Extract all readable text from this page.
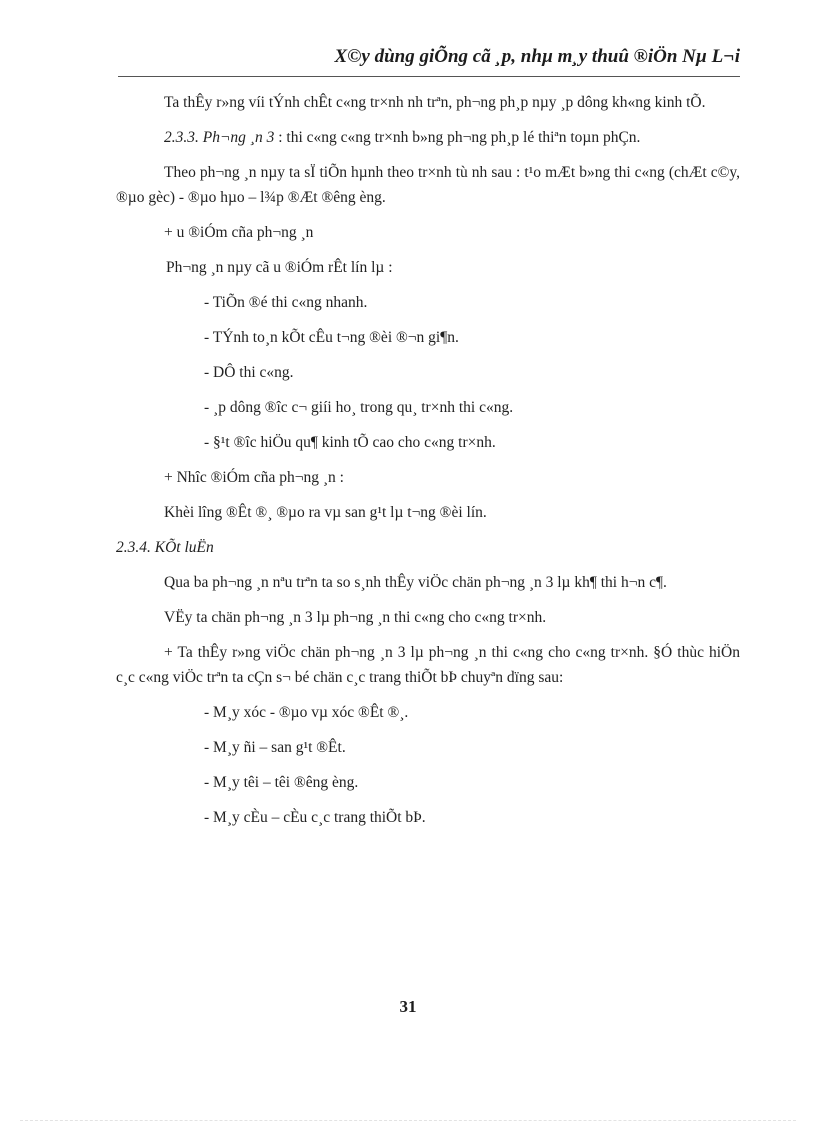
X©y dùng giÕng cã ¸p, nhµ m¸y thuû ®iÖn Nµ L¬i

Ta thÊy r»ng víi tÝnh chÊt c«ng tr×nh nh trªn, ph¬ng ph¸p nµy ¸p dông kh«ng kinh tÕ.

2.3.3. Ph¬ng ¸n 3 : thi c«ng c«ng tr×nh b»ng ph¬ng ph¸p lé thiªn toµn phÇn.

Theo ph¬ng ¸n nµy ta sÏ tiÕn hµnh theo tr×nh tù nh sau : t¹o mÆt b»ng thi c«ng (chÆt c©y, ®µo gèc) - ®µo hµo – l¾p ®Æt ®êng èng.

+ u ®iÓm cña ph¬ng ¸n

Ph¬ng ¸n nµy cã u ®iÓm rÊt lín lµ :

- TiÕn ®é thi c«ng nhanh.
- TÝnh to¸n kÕt cÊu t¬ng ®èi ®¬n gi¶n.
- DÔ thi c«ng.
- ¸p dông ®îc c¬ giíi ho¸ trong qu¸ tr×nh thi c«ng.
- §¹t ®îc hiÖu qu¶ kinh tÕ cao cho c«ng tr×nh.

+ Nhîc ®iÓm cña ph¬ng ¸n :

Khèi lîng ®Êt ®¸ ®µo ra vµ san g¹t lµ t¬ng ®èi lín.

2.3.4. KÕt luËn

Qua ba ph¬ng ¸n nªu trªn ta so s¸nh thÊy viÖc chän ph¬ng ¸n 3 lµ kh¶ thi h¬n c¶.

VËy ta chän ph¬ng ¸n 3 lµ ph¬ng ¸n thi c«ng cho c«ng tr×nh.

+ Ta thÊy r»ng viÖc chän ph¬ng ¸n 3 lµ ph¬ng ¸n thi c«ng cho c«ng tr×nh. §Ó thùc hiÖn c¸c c«ng viÖc trªn ta cÇn s¬ bé chän c¸c trang thiÕt bÞ chuyªn dïng sau:

- M¸y xóc - ®µo vµ xóc ®Êt ®¸.
- M¸y ñi – san g¹t ®Êt.
- M¸y têi – têi ®êng èng.
- M¸y cÈu – cÈu c¸c trang thiÕt bÞ.
31
